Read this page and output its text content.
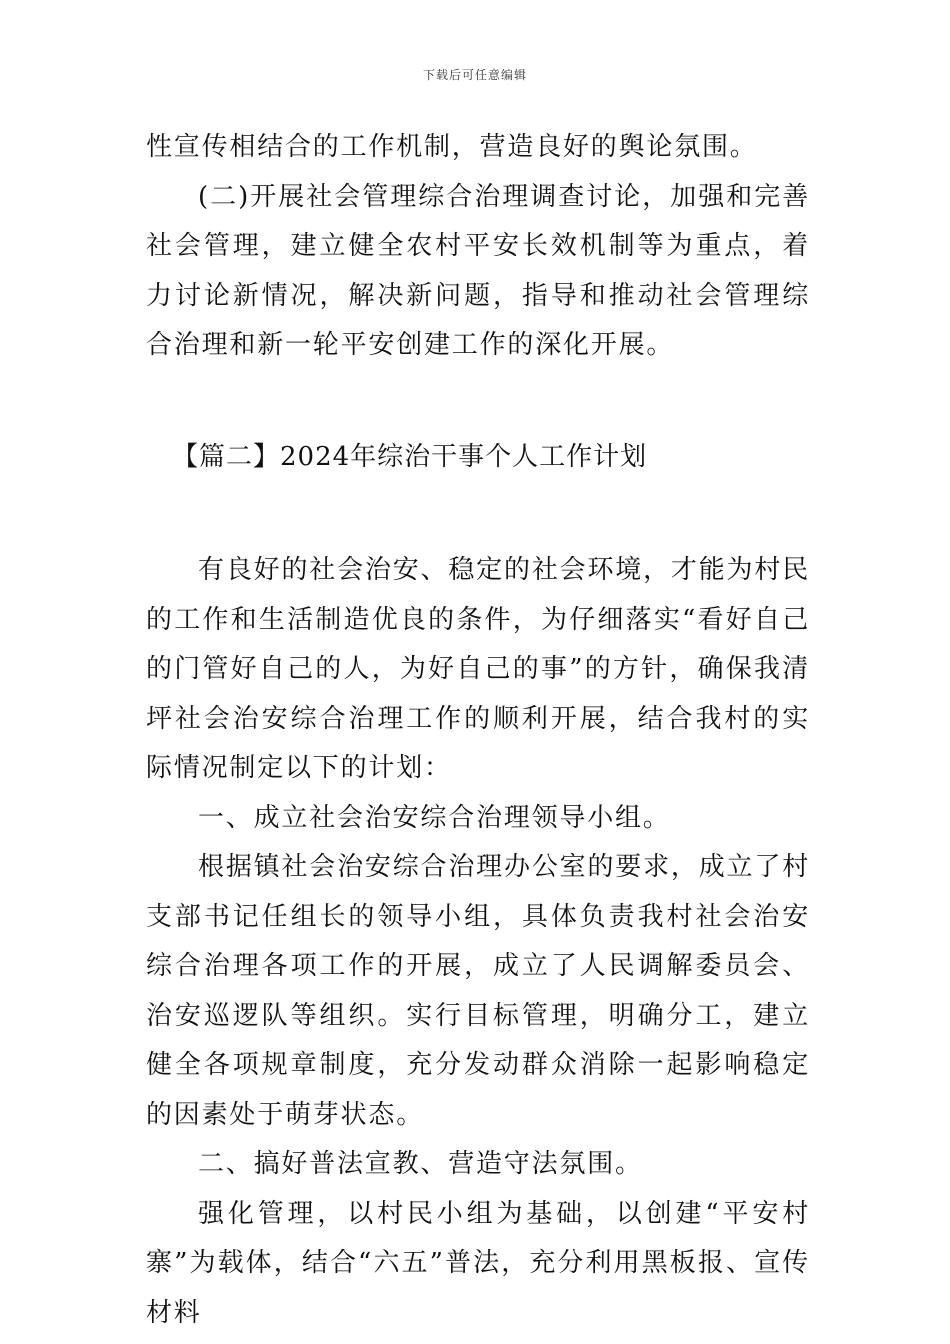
下载后可任意编辑

性宣传相结合的工作机制，营造良好的舆论氛围。

(二)开展社会管理综合治理调查讨论，加强和完善社会管理，建立健全农村平安长效机制等为重点，着力讨论新情况，解决新问题，指导和推动社会管理综合治理和新一轮平安创建工作的深化开展。

【篇二】2024年综治干事个人工作计划

有良好的社会治安、稳定的社会环境，才能为村民的工作和生活制造优良的条件，为仔细落实“看好自己的门管好自己的人，为好自己的事”的方针，确保我清坪社会治安综合治理工作的顺利开展，结合我村的实际情况制定以下的计划：

一、成立社会治安综合治理领导小组。

根据镇社会治安综合治理办公室的要求，成立了村支部书记任组长的领导小组，具体负责我村社会治安综合治理各项工作的开展，成立了人民调解委员会、治安巡逻队等组织。实行目标管理，明确分工，建立健全各项规章制度，充分发动群众消除一起影响稳定的因素处于萌芽状态。

二、搞好普法宣教、营造守法氛围。

强化管理，以村民小组为基础，以创建“平安村寨”为载体，结合“六五”普法，充分利用黑板报、宣传材料
